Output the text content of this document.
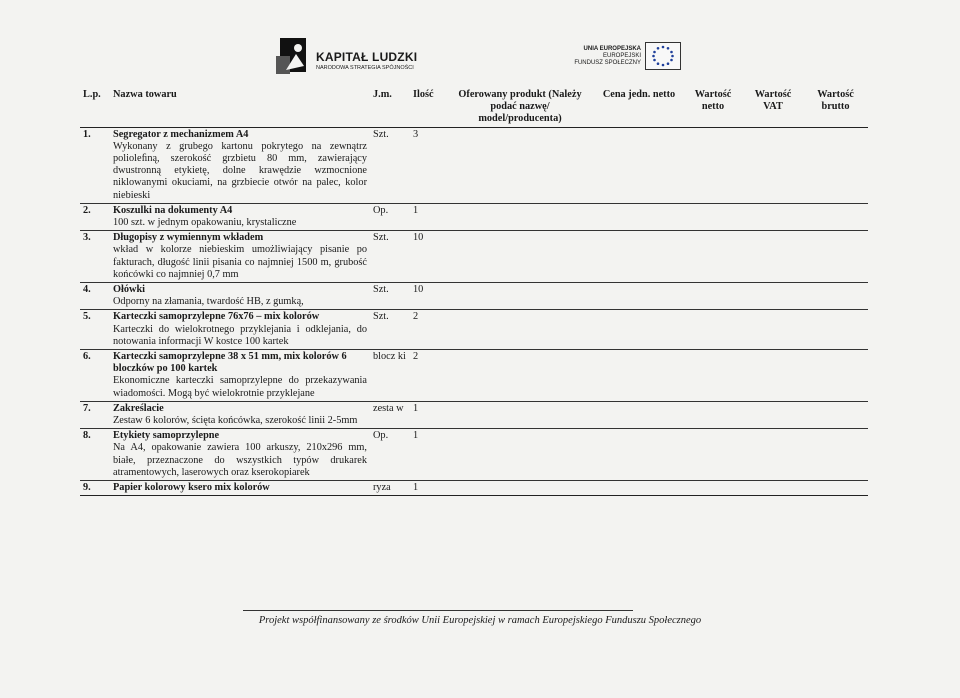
KAPITAŁ LUDZKI
NARODOWA STRATEGIA SPÓJNOŚCI
UNIA EUROPEJSKA
EUROPEJSKI
FUNDUSZ SPOŁECZNY
L.p.	Nazwa towaru	J.m.	Ilość	Oferowany produkt (Należy podać nazwę/ model/producenta)	Cena jedn. netto	Wartość netto	Wartość VAT	Wartość brutto
1.	Segregator z mechanizmem A4
Wykonany z grubego kartonu pokrytego na zewnątrz polioleﬁną, szerokość grzbietu 80 mm, zawierający dwustronną etykietę, dolne krawędzie wzmocnione niklowanymi okuciami, na grzbiecie otwór na palec, kolor niebieski	Szt.	3					
2.	Koszulki na dokumenty A4
100 szt. w jednym opakowaniu, krystaliczne	Op.	1					
3.	Długopisy z wymiennym wkładem
wkład w kolorze niebieskim umożliwiający pisanie po fakturach, długość linii pisania co najmniej 1500 m, grubość końcówki co najmniej 0,7 mm	Szt.	10					
4.	Ołówki
Odporny na złamania, twardość HB, z gumką,	Szt.	10					
5.	Karteczki samoprzylepne 76x76 – mix kolorów
Karteczki do wielokrotnego przyklejania i odklejania, do notowania informacji W kostce 100 kartek	Szt.	2					
6.	Karteczki samoprzylepne 38 x 51 mm, mix kolorów 6 bloczków po 100 kartek
Ekonomiczne karteczki samoprzylepne do przekazywania wiadomości. Mogą być wielokrotnie przyklejane	blocz ki	2					
7.	Zakreślacie
Zestaw 6 kolorów, ścięta końcówka, szerokość linii 2-5mm	zesta w	1					
8.	Etykiety samoprzylepne
Na A4, opakowanie zawiera 100 arkuszy, 210x296 mm, białe, przeznaczone do wszystkich typów drukarek atramentowych, laserowych oraz kserokopiarek	Op.	1					
9.	Papier kolorowy ksero mix kolorów	ryza	1					
Projekt współfinansowany ze środków Unii Europejskiej w ramach Europejskiego Funduszu Społecznego
